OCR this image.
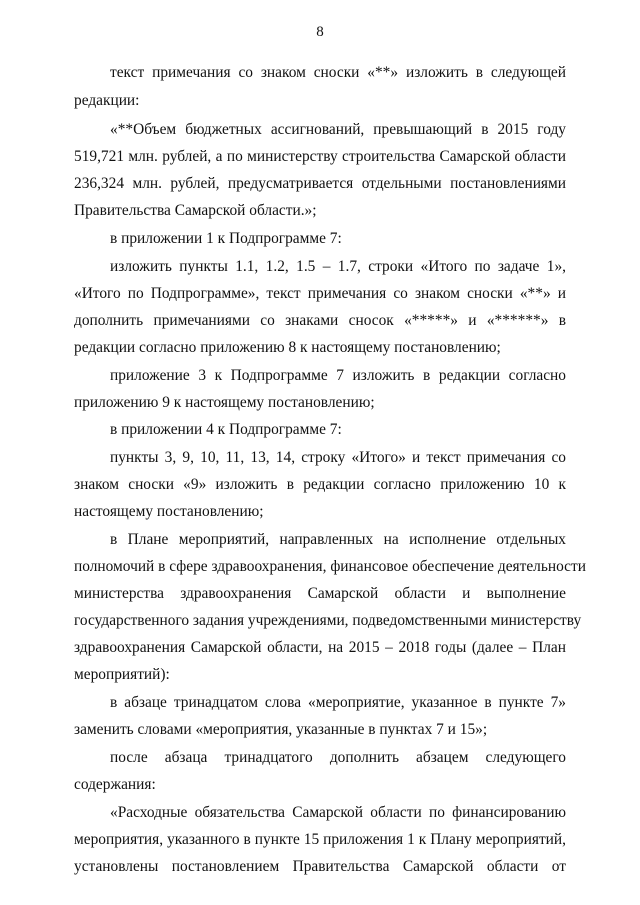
8
текст примечания со знаком сноски «**» изложить в следующей
редакции:
«**Объем бюджетных ассигнований, превышающий в 2015 году
519,721 млн. рублей, а по министерству строительства Самарской области
236,324 млн. рублей, предусматривается отдельными постановлениями
Правительства Самарской области.»;
в приложении 1 к Подпрограмме 7:
изложить пункты 1.1, 1.2, 1.5 – 1.7, строки «Итого по задаче 1»,
«Итого по Подпрограмме», текст примечания со знаком сноски «**» и
дополнить примечаниями со знаками сносок «*****» и «******» в
редакции согласно приложению 8 к настоящему постановлению;
приложение 3 к Подпрограмме 7 изложить в редакции согласно
приложению 9 к настоящему постановлению;
в приложении 4 к Подпрограмме 7:
пункты 3, 9, 10, 11, 13, 14, строку «Итого» и текст примечания со
знаком сноски «9» изложить в редакции согласно приложению 10 к
настоящему постановлению;
в Плане мероприятий, направленных на исполнение отдельных
полномочий в сфере здравоохранения, финансовое обеспечение деятельности
министерства здравоохранения Самарской области и выполнение
государственного задания учреждениями, подведомственными министерству
здравоохранения Самарской области, на 2015 – 2018 годы (далее – План
мероприятий):
в абзаце тринадцатом слова «мероприятие, указанное в пункте 7»
заменить словами «мероприятия, указанные в пунктах 7 и 15»;
после абзаца тринадцатого дополнить абзацем следующего
содержания:
«Расходные обязательства Самарской области по финансированию
мероприятия, указанного в пункте 15 приложения 1 к Плану мероприятий,
установлены постановлением Правительства Самарской области от
